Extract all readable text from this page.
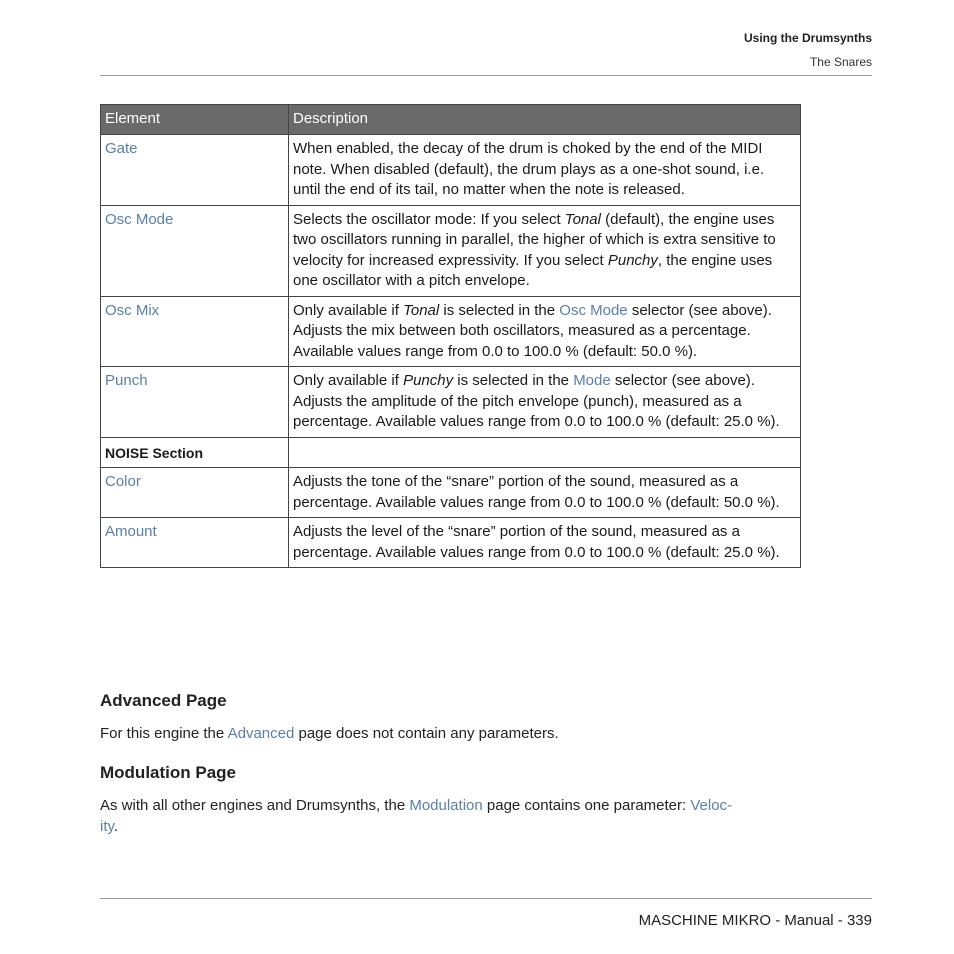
Using the Drumsynths
The Snares
Element	Description
Gate	When enabled, the decay of the drum is choked by the end of the MIDI note. When disabled (default), the drum plays as a one-shot sound, i.e. until the end of its tail, no matter when the note is released.
Osc Mode	Selects the oscillator mode: If you select Tonal (default), the engine uses two oscillators running in parallel, the higher of which is extra sensitive to velocity for increased expressivity. If you select Punchy, the engine uses one oscillator with a pitch envelope.
Osc Mix	Only available if Tonal is selected in the Osc Mode selector (see above). Adjusts the mix between both oscillators, measured as a percentage. Available values range from 0.0 to 100.0 % (default: 50.0 %).
Punch	Only available if Punchy is selected in the Mode selector (see above). Adjusts the amplitude of the pitch envelope (punch), measured as a percentage. Available values range from 0.0 to 100.0 % (default: 25.0 %).
NOISE Section	
Color	Adjusts the tone of the “snare” portion of the sound, measured as a percentage. Available values range from 0.0 to 100.0 % (default: 50.0 %).
Amount	Adjusts the level of the “snare” portion of the sound, measured as a percentage. Available values range from 0.0 to 100.0 % (default: 25.0 %).
Advanced Page
For this engine the Advanced page does not contain any parameters.
Modulation Page
As with all other engines and Drumsynths, the Modulation page contains one parameter: Veloc-
ity.
MASCHINE MIKRO - Manual - 339
